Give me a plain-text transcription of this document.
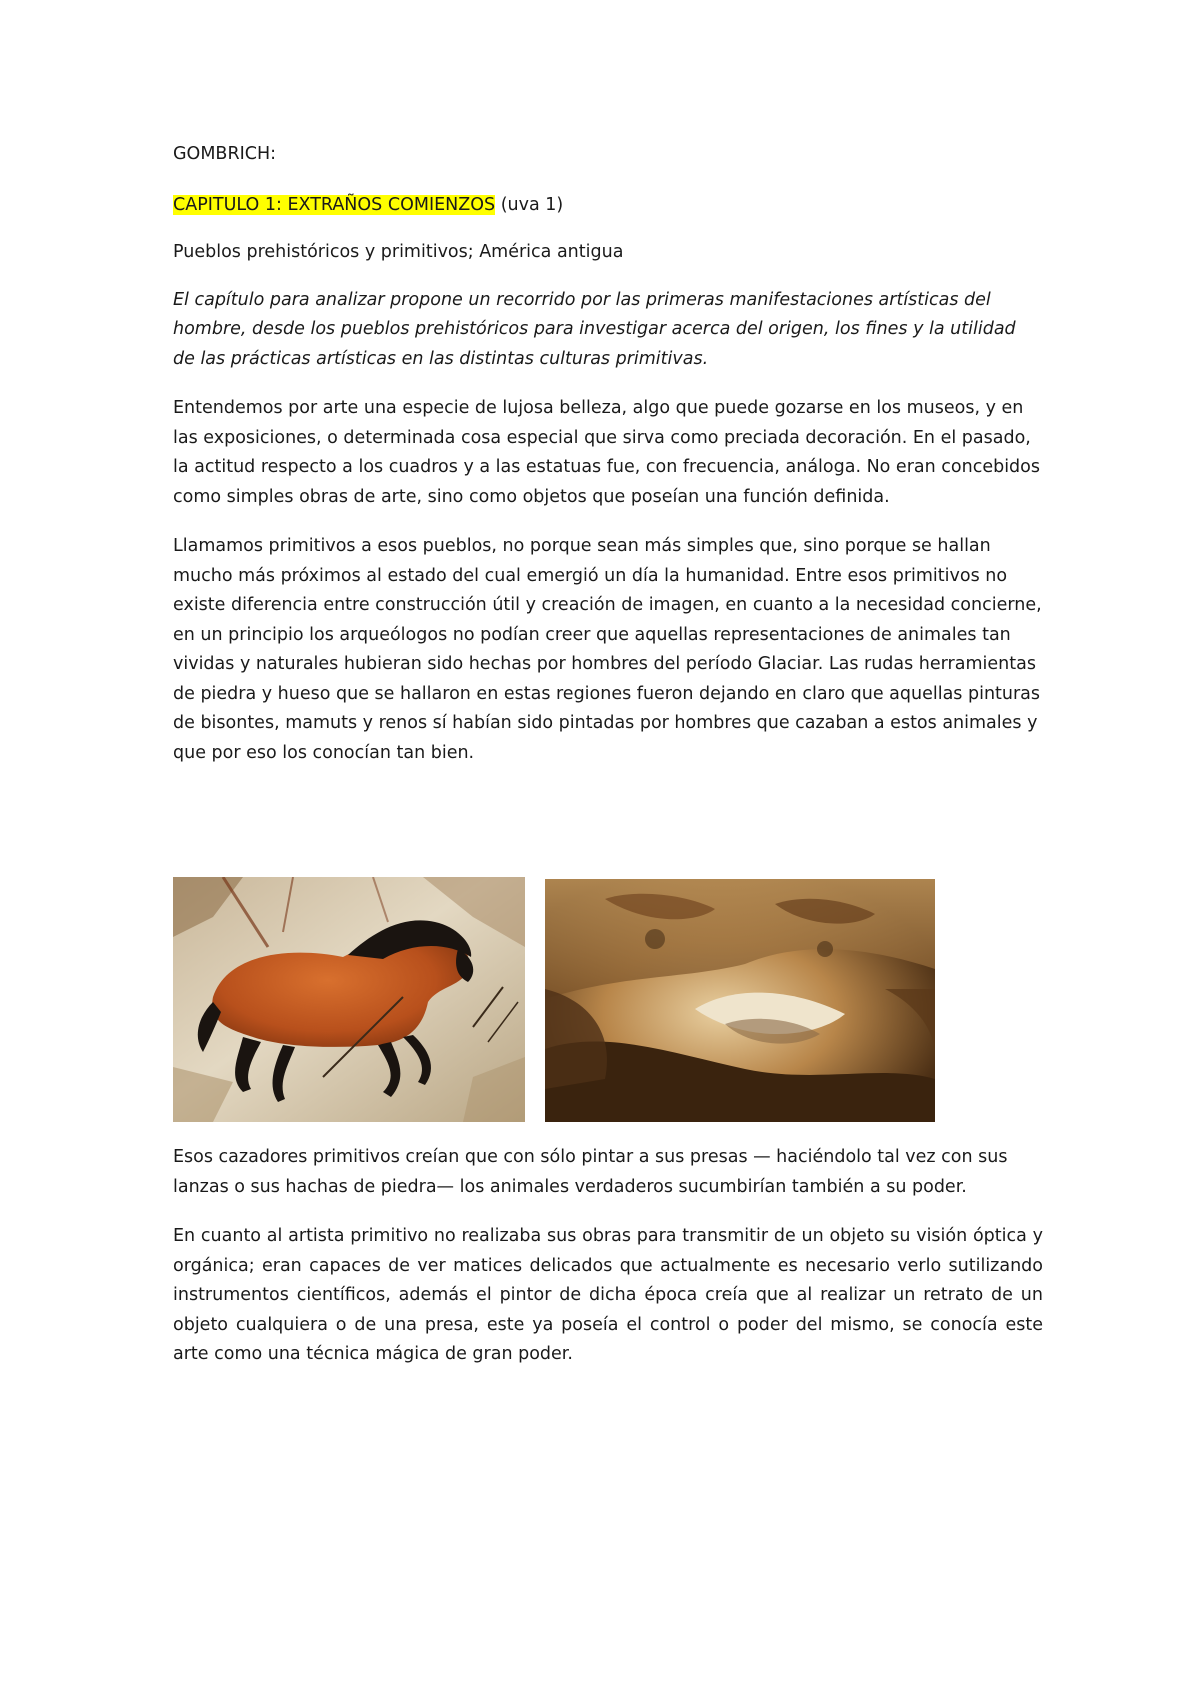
GOMBRICH:

CAPITULO 1: EXTRAÑOS COMIENZOS (uva 1)

Pueblos prehistóricos y primitivos; América antigua

El capítulo para analizar propone un recorrido por las primeras manifestaciones artísticas del hombre, desde los pueblos prehistóricos para investigar acerca del origen, los fines y la utilidad de las prácticas artísticas en las distintas culturas primitivas.

Entendemos por arte una especie de lujosa belleza, algo que puede gozarse en los museos, y en las exposiciones, o determinada cosa especial que sirva como preciada decoración. En el pasado, la actitud respecto a los cuadros y a las estatuas fue, con frecuencia, análoga. No eran concebidos como simples obras de arte, sino como objetos que poseían una función definida.

Llamamos primitivos a esos pueblos, no porque sean más simples que, sino porque se hallan mucho más próximos al estado del cual emergió un día la humanidad. Entre esos primitivos no existe diferencia entre construcción útil y creación de imagen, en cuanto a la necesidad concierne, en un principio los arqueólogos no podían creer que aquellas representaciones de animales tan vividas y naturales hubieran sido hechas por hombres del período Glaciar. Las rudas herramientas de piedra y hueso que se hallaron en estas regiones fueron dejando en claro que aquellas pinturas de bisontes, mamuts y renos sí habían sido pintadas por hombres que cazaban a estos animales y que por eso los conocían tan bien.

Esos cazadores primitivos creían que con sólo pintar a sus presas — haciéndolo tal vez con sus lanzas o sus hachas de piedra— los animales verdaderos sucumbirían también a su poder.

En cuanto al artista primitivo no realizaba sus obras para transmitir de un objeto su visión óptica y orgánica; eran capaces de ver matices delicados que actualmente es necesario verlo sutilizando instrumentos científicos, además el pintor de dicha época creía que al realizar un retrato de un objeto cualquiera o de una presa, este ya poseía el control o poder del mismo, se conocía este arte como una técnica mágica de gran poder.
